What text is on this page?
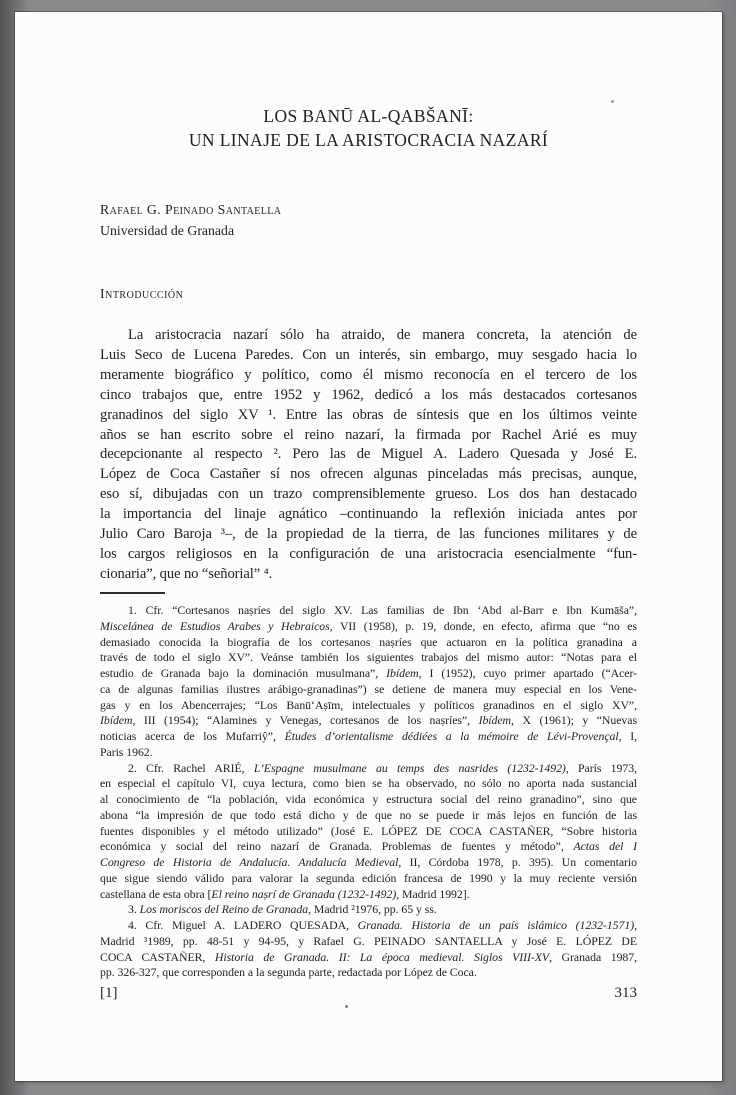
LOS BANŪ AL-QABŠANĪ:
UN LINAJE DE LA ARISTOCRACIA NAZARÍ
Rafael G. Peinado Santaella
Universidad de Granada
Introducción
La aristocracia nazarí sólo ha atraido, de manera concreta, la atención de
Luis Seco de Lucena Paredes. Con un interés, sin embargo, muy sesgado hacia lo
meramente biográfico y político, como él mismo reconocía en el tercero de los
cinco trabajos que, entre 1952 y 1962, dedicó a los más destacados cortesanos
granadinos del siglo XV ¹. Entre las obras de síntesis que en los últimos veinte
años se han escrito sobre el reino nazarí, la firmada por Rachel Arié es muy
decepcionante al respecto ². Pero las de Miguel A. Ladero Quesada y José E.
López de Coca Castañer sí nos ofrecen algunas pinceladas más precisas, aunque,
eso sí, dibujadas con un trazo comprensiblemente grueso. Los dos han destacado
la importancia del linaje agnático –continuando la reflexión iniciada antes por
Julio Caro Baroja ³–, de la propiedad de la tierra, de las funciones militares y de
los cargos religiosos en la configuración de una aristocracia esencialmente “fun-
cionaria”, que no “señorial” ⁴.
1. Cfr. “Cortesanos naṣríes del siglo XV. Las familias de Ibn ‘Abd al-Barr e Ibn Kumāša”,
Miscelánea de Estudios Arabes y Hebraicos, VII (1958), p. 19, donde, en efecto, afirma que “no es
demasiado conocida la biografía de los cortesanos naṣríes que actuaron en la política granadina a
través de todo el siglo XV”. Veánse también los siguientes trabajos del mismo autor: “Notas para el
estudio de Granada bajo la dominación musulmana”, Ibídem, I (1952), cuyo primer apartado (“Acer-
ca de algunas familias ilustres arábigo-granadinas”) se detiene de manera muy especial en los Vene-
gas y en los Abencerrajes; “Los Banū‘Aṣīm, intelectuales y políticos granadinos en el siglo XV”,
Ibídem, III (1954); “Alamines y Venegas, cortesanos de los naṣríes”, Ibídem, X (1961); y “Nuevas
noticias acerca de los Mufarriŷ”, Études d’orientalisme dédiées a la mémoire de Lévi-Provençal, I,
Paris 1962.
2. Cfr. Rachel ARIÉ, L’Espagne musulmane au temps des nasrides (1232-1492), París 1973,
en especial el capítulo VI, cuya lectura, como bien se ha observado, no sólo no aporta nada sustancial
al conocimiento de “la población, vida económica y estructura social del reino granadino”, sino que
abona “la impresión de que todo está dicho y de que no se puede ir más lejos en función de las
fuentes disponibles y el método utilizado” (José E. LÓPEZ DE COCA CASTAÑER, “Sobre historia
económica y social del reino nazarí de Granada. Problemas de fuentes y método”, Actas del I
Congreso de Historia de Andalucía. Andalucía Medieval, II, Córdoba 1978, p. 395). Un comentario
que sigue siendo válido para valorar la segunda edición francesa de 1990 y la muy reciente versión
castellana de esta obra [El reino naṣrí de Granada (1232-1492), Madrid 1992].
3. Los moriscos del Reino de Granada, Madrid ²1976, pp. 65 y ss.
4. Cfr. Miguel A. LADERO QUESADA, Granada. Historia de un país islámico (1232-1571),
Madrid ³1989, pp. 48-51 y 94-95, y Rafael G. PEINADO SANTAELLA y José E. LÓPEZ DE
COCA CASTAÑER, Historia de Granada. II: La época medieval. Siglos VIII-XV, Granada 1987,
pp. 326-327, que corresponden a la segunda parte, redactada por López de Coca.
[1]	313
